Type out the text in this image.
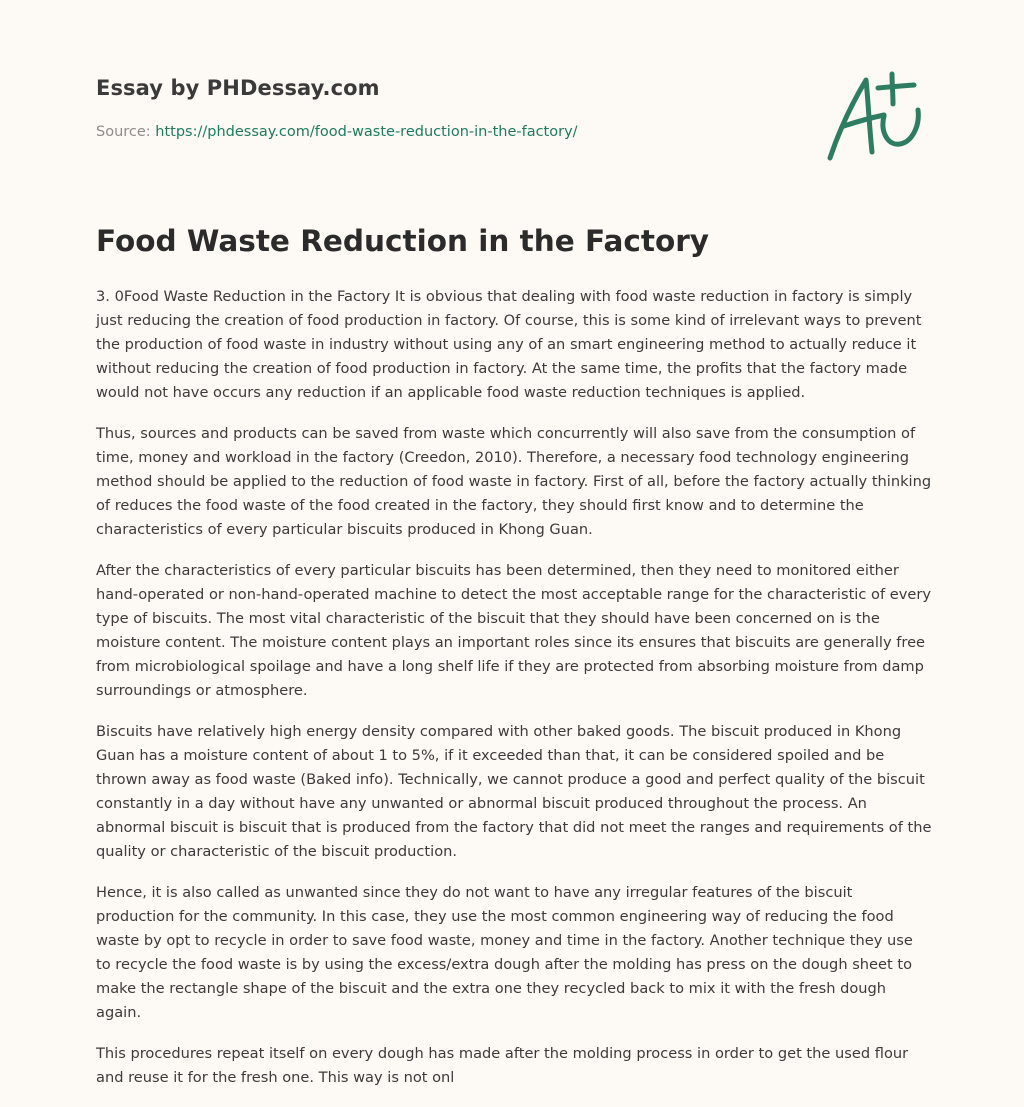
Essay by PHDessay.com
Source: https://phdessay.com/food-waste-reduction-in-the-factory/
Food Waste Reduction in the Factory

3. 0Food Waste Reduction in the Factory It is obvious that dealing with food waste reduction in factory is simply just reducing the creation of food production in factory. Of course, this is some kind of irrelevant ways to prevent the production of food waste in industry without using any of an smart engineering method to actually reduce it without reducing the creation of food production in factory. At the same time, the profits that the factory made would not have occurs any reduction if an applicable food waste reduction techniques is applied.

Thus, sources and products can be saved from waste which concurrently will also save from the consumption of time, money and workload in the factory (Creedon, 2010). Therefore, a necessary food technology engineering method should be applied to the reduction of food waste in factory. First of all, before the factory actually thinking of reduces the food waste of the food created in the factory, they should first know and to determine the characteristics of every particular biscuits produced in Khong Guan.

After the characteristics of every particular biscuits has been determined, then they need to monitored either hand-operated or non-hand-operated machine to detect the most acceptable range for the characteristic of every type of biscuits. The most vital characteristic of the biscuit that they should have been concerned on is the moisture content. The moisture content plays an important roles since its ensures that biscuits are generally free from microbiological spoilage and have a long shelf life if they are protected from absorbing moisture from damp surroundings or atmosphere.

Biscuits have relatively high energy density compared with other baked goods. The biscuit produced in Khong Guan has a moisture content of about 1 to 5%, if it exceeded than that, it can be considered spoiled and be thrown away as food waste (Baked info). Technically, we cannot produce a good and perfect quality of the biscuit constantly in a day without have any unwanted or abnormal biscuit produced throughout the process. An abnormal biscuit is biscuit that is produced from the factory that did not meet the ranges and requirements of the quality or characteristic of the biscuit production.

Hence, it is also called as unwanted since they do not want to have any irregular features of the biscuit production for the community. In this case, they use the most common engineering way of reducing the food waste by opt to recycle in order to save food waste, money and time in the factory. Another technique they use to recycle the food waste is by using the excess/extra dough after the molding has press on the dough sheet to make the rectangle shape of the biscuit and the extra one they recycled back to mix it with the fresh dough again.

This procedures repeat itself on every dough has made after the molding process in order to get the used flour and reuse it for the fresh one. This way is not onl
